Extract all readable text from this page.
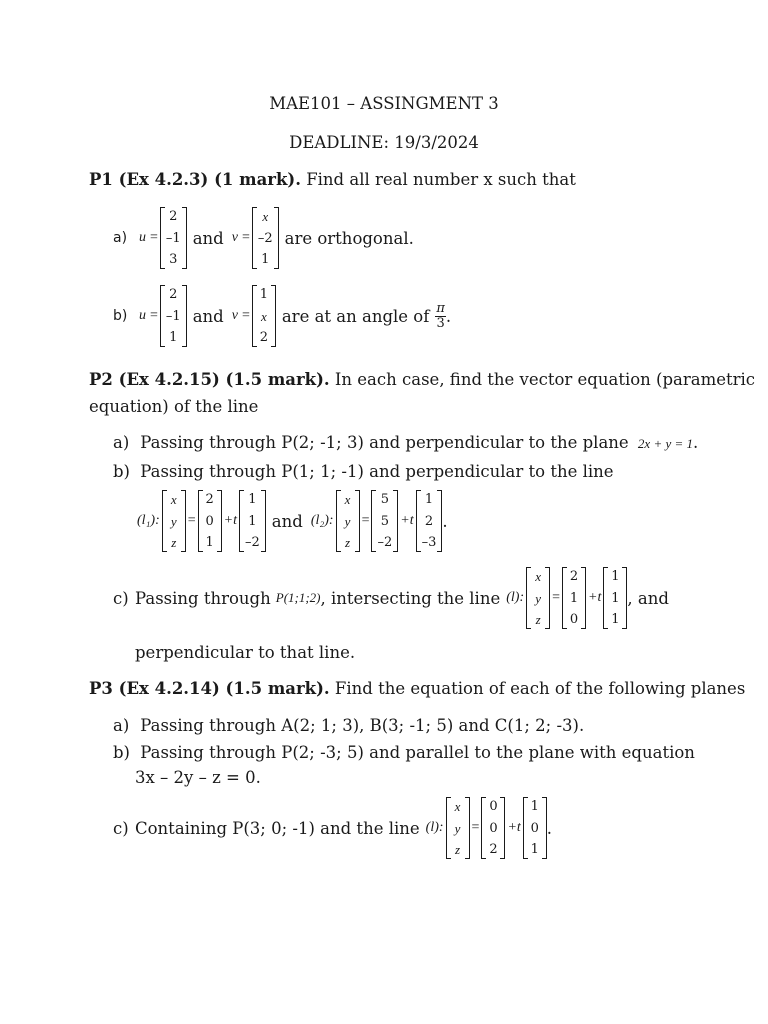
MAE101 – ASSINGMENT 3
DEADLINE: 19/3/2024
P1 (Ex 4.2.3) (1 mark). Find all real number x such that
a) u =
2
–1
3
and v =
x
–2
1
are orthogonal.
b) u =
2
–1
1
and v =
1
x
2
are at an angle of $\frac{\pi}{3}$ .
P2 (Ex 4.2.15) (1.5 mark). In each case, find the vector equation (parametric
equation) of the line
a) Passing through P(2; -1; 3) and perpendicular to the plane 2x + y = 1.
b) Passing through P(1; 1; -1) and perpendicular to the line
(l₁):
x
y
z
=
2
0
1
+t
1
1
–2
and (l₂):
x
y
z
=
5
5
–2
+t
1
2
–3
.
c) Passing through P(1;1;2) , intersecting the line (l):
x
y
z
=
2
1
0
+t
1
1
1
, and
perpendicular to that line.
P3 (Ex 4.2.14) (1.5 mark). Find the equation of each of the following planes
a) Passing through A(2; 1; 3), B(3; -1; 5) and C(1; 2; -3).
b) Passing through P(2; -3; 5) and parallel to the plane with equation
3x – 2y – z = 0.
c) Containing P(3; 0; -1) and the line (l):
x
y
z
=
0
0
2
+t
1
0
1
.
